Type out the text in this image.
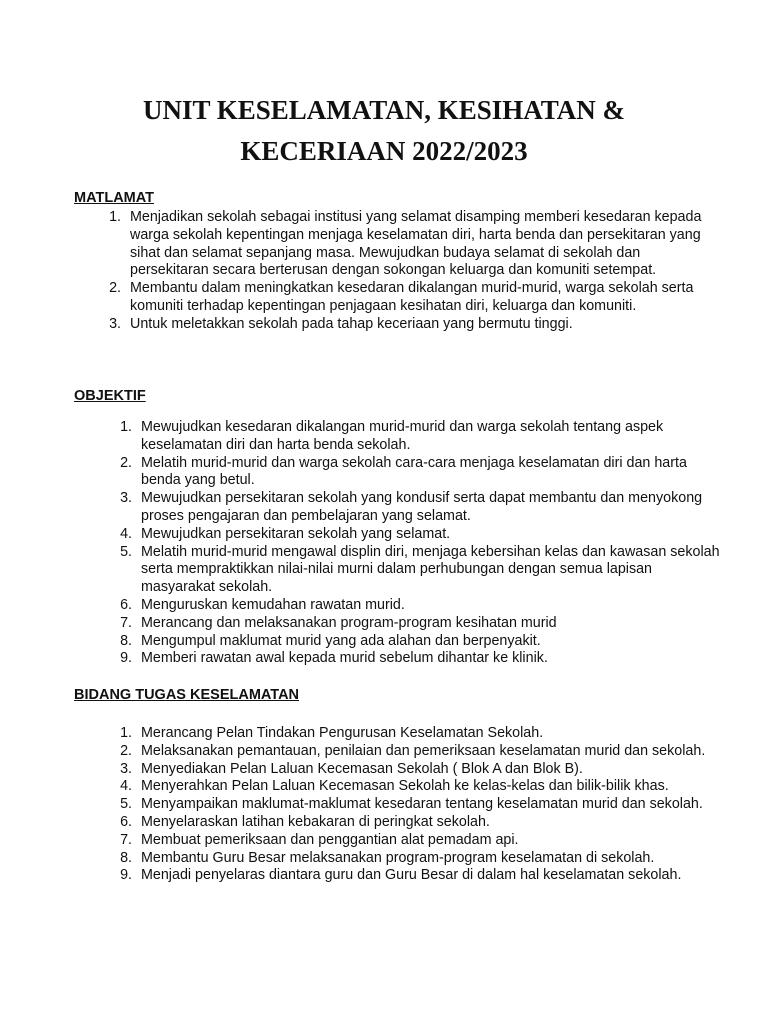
UNIT KESELAMATAN, KESIHATAN &
KECERIAAN 2022/2023
MATLAMAT
1. Menjadikan sekolah sebagai institusi yang selamat disamping memberi kesedaran kepada warga sekolah kepentingan menjaga keselamatan diri, harta benda dan persekitaran yang sihat dan selamat sepanjang masa. Mewujudkan budaya selamat di sekolah dan persekitaran secara berterusan dengan sokongan keluarga dan komuniti setempat.
2. Membantu dalam meningkatkan kesedaran dikalangan murid-murid, warga sekolah serta komuniti terhadap kepentingan penjagaan kesihatan diri, keluarga dan komuniti.
3. Untuk meletakkan sekolah pada tahap keceriaan yang bermutu tinggi.
OBJEKTIF
1. Mewujudkan kesedaran dikalangan murid-murid dan warga sekolah tentang aspek keselamatan diri dan harta benda sekolah.
2. Melatih murid-murid dan warga sekolah cara-cara menjaga keselamatan diri dan harta benda yang betul.
3. Mewujudkan persekitaran sekolah yang kondusif serta dapat membantu dan menyokong proses pengajaran dan pembelajaran yang selamat.
4. Mewujudkan persekitaran sekolah yang selamat.
5. Melatih murid-murid mengawal displin diri, menjaga kebersihan kelas dan kawasan sekolah serta mempraktikkan nilai-nilai murni dalam perhubungan dengan semua lapisan masyarakat sekolah.
6. Menguruskan kemudahan rawatan murid.
7. Merancang dan melaksanakan program-program kesihatan murid
8. Mengumpul maklumat murid yang ada alahan dan berpenyakit.
9. Memberi rawatan awal kepada murid sebelum dihantar ke klinik.
BIDANG TUGAS KESELAMATAN
1. Merancang Pelan Tindakan Pengurusan Keselamatan Sekolah.
2. Melaksanakan pemantauan, penilaian dan pemeriksaan keselamatan murid dan sekolah.
3. Menyediakan Pelan Laluan Kecemasan Sekolah ( Blok A dan Blok B).
4. Menyerahkan Pelan Laluan Kecemasan Sekolah ke kelas-kelas dan bilik-bilik khas.
5. Menyampaikan maklumat-maklumat kesedaran tentang keselamatan murid dan sekolah.
6. Menyelaraskan latihan kebakaran di peringkat sekolah.
7. Membuat pemeriksaan dan penggantian alat pemadam api.
8. Membantu Guru Besar melaksanakan program-program keselamatan di sekolah.
9. Menjadi penyelaras diantara guru dan Guru Besar di dalam hal keselamatan sekolah.
